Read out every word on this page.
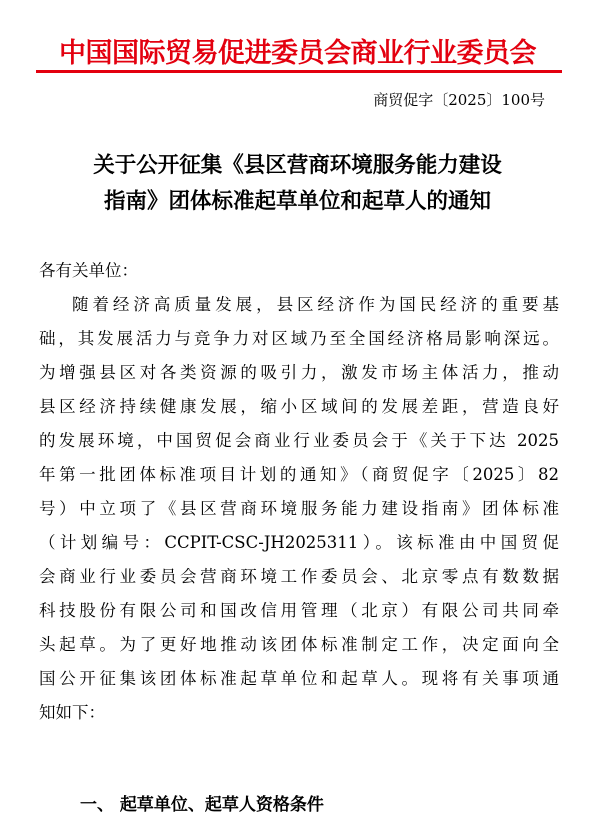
中国国际贸易促进委员会商业行业委员会
商贸促字〔2025〕100号
关于公开征集《县区营商环境服务能力建设
指南》团体标准起草单位和起草人的通知
各有关单位：
随着经济高质量发展，县区经济作为国民经济的重要基
础，其发展活力与竞争力对区域乃至全国经济格局影响深远。
为增强县区对各类资源的吸引力，激发市场主体活力，推动
县区经济持续健康发展，缩小区域间的发展差距，营造良好
的发展环境，中国贸促会商业行业委员会于《关于下达 2025
年第一批团体标准项目计划的通知》（商贸促字〔2025〕82
号）中立项了《县区营商环境服务能力建设指南》团体标准
（计划编号：CCPIT-CSC-JH2025311）。该标准由中国贸促
会商业行业委员会营商环境工作委员会、北京零点有数数据
科技股份有限公司和国改信用管理（北京）有限公司共同牵
头起草。为了更好地推动该团体标准制定工作，决定面向全
国公开征集该团体标准起草单位和起草人。现将有关事项通
知如下：
一、 起草单位、起草人资格条件
